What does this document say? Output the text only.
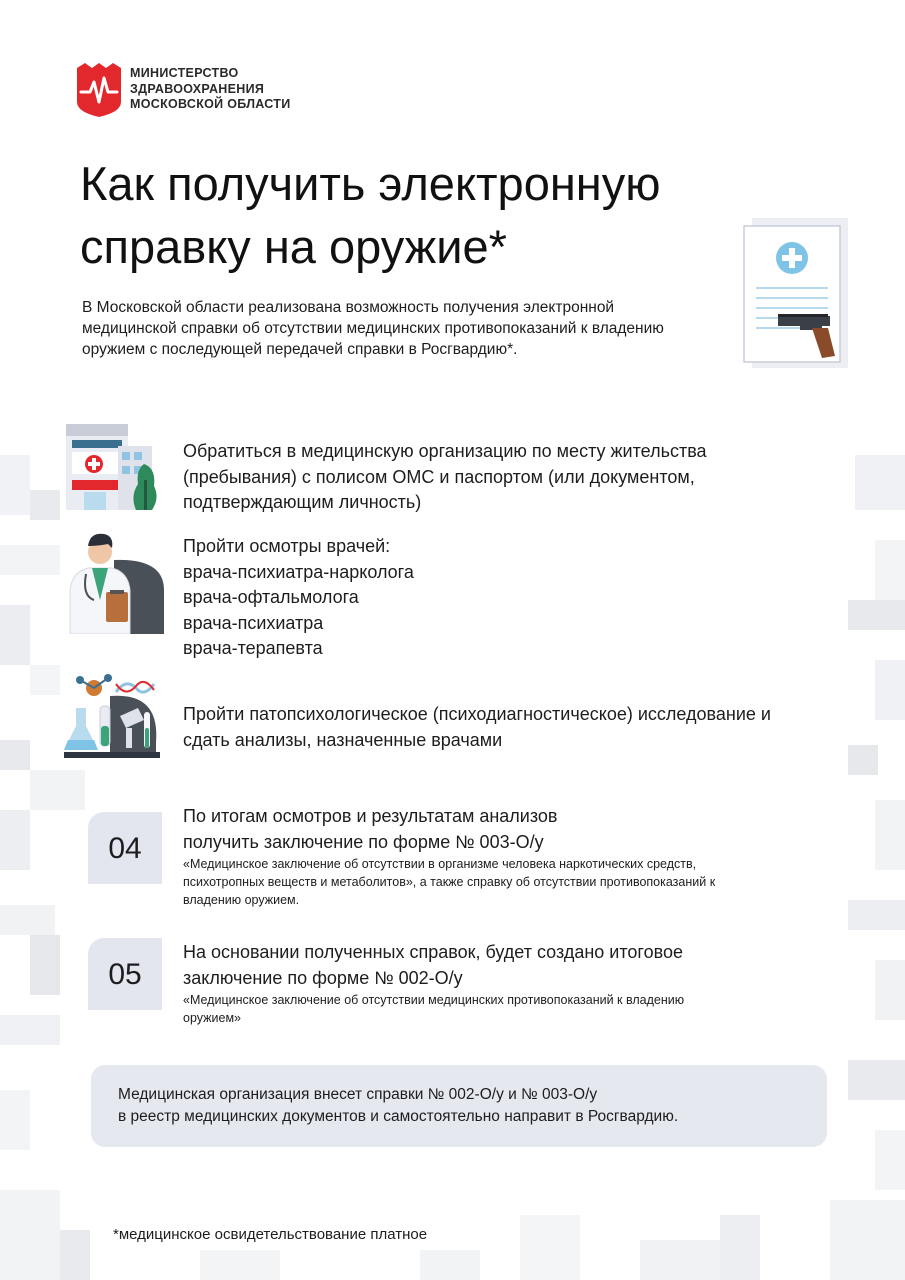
МИНИСТЕРСТВО
ЗДРАВООХРАНЕНИЯ
МОСКОВСКОЙ ОБЛАСТИ
Как получить электронную
справку на оружие*
В Московской области реализована возможность получения электронной
медицинской справки об отсутствии медицинских противопоказаний к владению
оружием с последующей передачей справки в Росгвардию*.
Обратиться в медицинскую организацию по месту жительства
(пребывания) с полисом ОМС и паспортом (или документом,
подтверждающим личность)
Пройти осмотры врачей:
врача-психиатра-нарколога
врача-офтальмолога
врача-психиатра
врача-терапевта
Пройти патопсихологическое (психодиагностическое) исследование и
сдать анализы, назначенные врачами
04
По итогам осмотров и результатам анализов
получить заключение по форме № 003-О/у
«Медицинское заключение об отсутствии в организме человека наркотических средств,
психотропных веществ и метаболитов», а также справку об отсутствии противопоказаний к
владению оружием.
05
На основании полученных справок, будет создано итоговое
заключение по форме № 002-О/у
«Медицинское заключение об отсутствии медицинских противопоказаний к владению
оружием»
Медицинская организация внесет справки № 002-О/у и № 003-О/у
в реестр медицинских документов и самостоятельно направит в Росгвардию.
*медицинское освидетельствование платное
